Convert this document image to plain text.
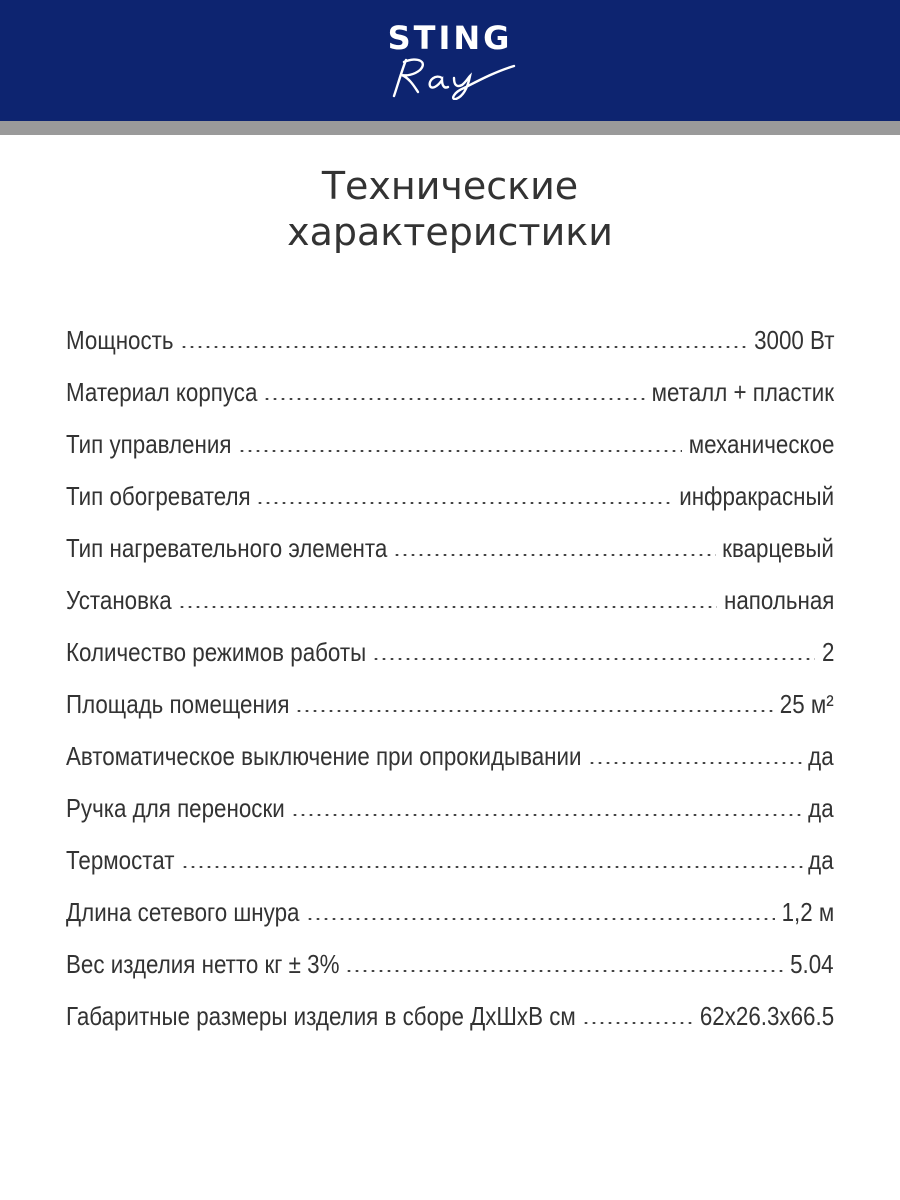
STING
Технические
характеристики
Мощность	3000 Вт
Материал корпуса	металл + пластик
Тип управления	механическое
Тип обогревателя	инфракрасный
Тип нагревательного элемента	кварцевый
Установка	напольная
Количество режимов работы	2
Площадь помещения	25 м²
Автоматическое выключение при опрокидывании	да
Ручка для переноски	да
Термостат	да
Длина сетевого шнура	1,2 м
Вес изделия нетто кг ± 3%	5.04
Габаритные размеры изделия в сборе ДхШхВ см	62x26.3x66.5
